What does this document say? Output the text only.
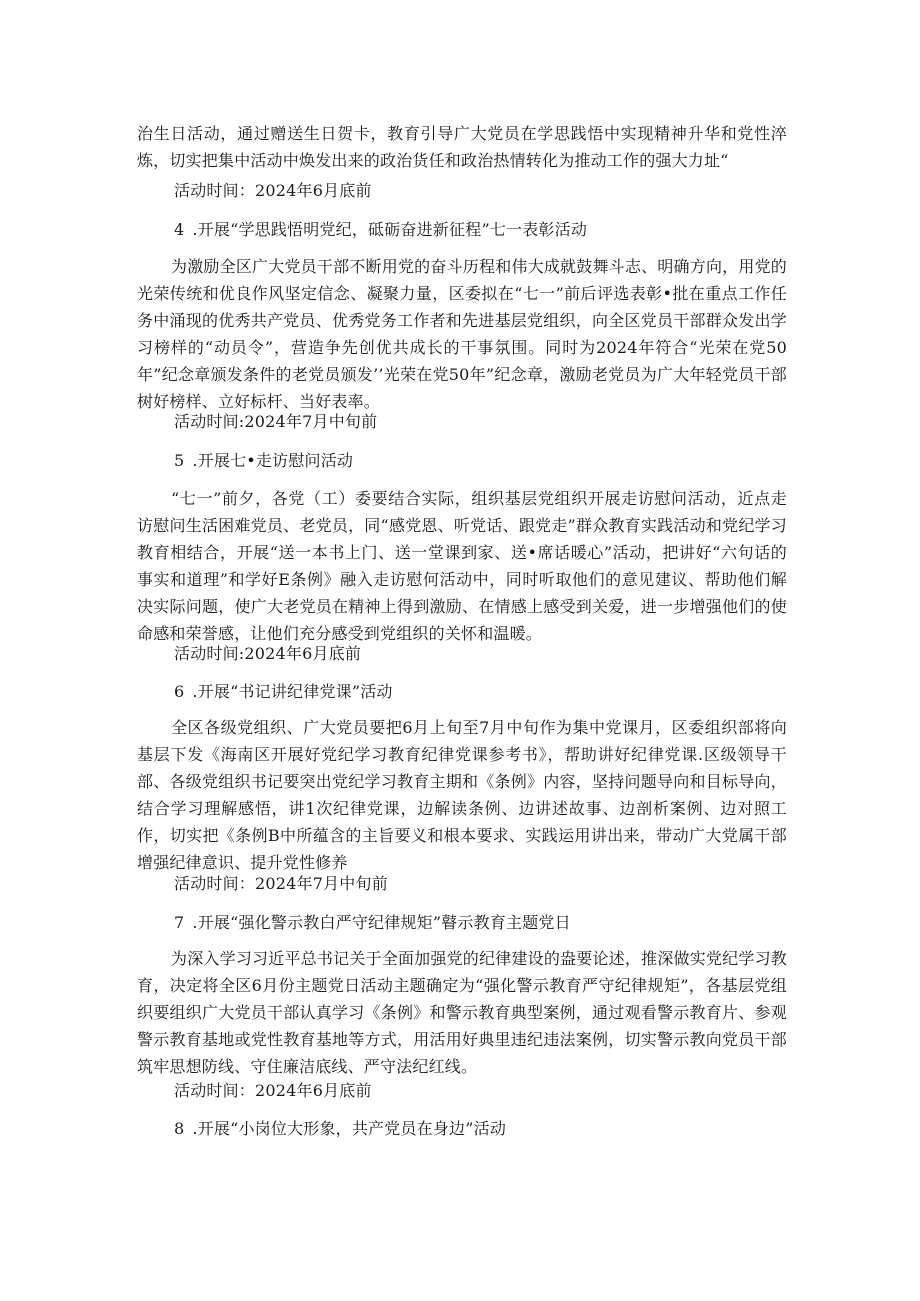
治生日活动，通过赠送生日贺卡，教育引导广大党员在学思践悟中实现精神升华和党性淬炼，切实把集中活动中焕发出来的政治货任和政治热情转化为推动工作的强大力址“

活动时间：2024年6月底前

4 .开展“学思践悟明党纪，砥砺奋进新征程”七一表彰活动

为激励全区广大党员干部不断用党的奋斗历程和伟大成就鼓舞斗志、明确方向，用党的光荣传统和优良作风坚定信念、凝聚力量，区委拟在“七一”前后评选表彰•批在重点工作任务中涌现的优秀共产党员、优秀党务工作者和先进基层党组织，向全区党员干部群众发出学习榜样的“动员令”，营造争先创优共成长的干事氛围。同时为2024年符合“光荣在党50年”纪念章颁发条件的老党员颁发’’光荣在党50年”纪念章，激励老党员为广大年轻党员干部树好榜样、立好标杆、当好表率。

活动时间:2024年7月中旬前

5 .开展七•走访慰问活动

“七一”前夕，各党（工）委要结合实际，组织基层党组织开展走访慰问活动，近点走访慰问生活困难党员、老党员，同“感党恩、听党话、跟党走”群众教育实践活动和党纪学习教育相结合，开展“送一本书上门、送一堂课到家、送•席话暖心”活动，把讲好“六句话的事实和道理”和学好E条例》融入走访慰何活动中，同时听取他们的意见建议、帮助他们解决实际问题，使广大老党员在精神上得到激励、在情感上感受到关爱，进一步增强他们的使命感和荣誉感，让他们充分感受到党组织的关怀和温暖。

活动时间:2024年6月底前

6 .开展“书记讲纪律党课”活动

全区各级党组织、广大党员要把6月上旬至7月中旬作为集中党课月，区委组织部将向基层下发《海南区开展好党纪学习教育纪律党课参考书》，帮助讲好纪律党课.区级领导干部、各级党组织书记要突出党纪学习教育主期和《条例》内容，坚持问题导向和目标导向，结合学习理解感悟，讲1次纪律党课，边解读条例、边讲述故事、边剖析案例、边对照工作，切实把《条例B中所蕴含的主旨要义和根本要求、实践运用讲出来，带动广大党属干部增强纪律意识、提升党性修养

活动时间：2024年7月中旬前

7 .开展“强化警示教白严守纪律规矩”瞽示教育主题党日

为深入学习习近平总书记关于全面加强党的纪律建设的盎要论述，推深做实党纪学习教育，决定将全区6月份主题党日活动主题确定为“强化警示教育严守纪律规矩”，各基层党组织要组织广大党员干部认真学习《条例》和警示教育典型案例，通过观看警示教育片、参观警示教育基地或党性教育基地等方式，用活用好典里违纪违法案例，切实警示教向党员干部筑牢思想防线、守住廉洁底线、严守法纪红线。

活动时间：2024年6月底前

8 .开展“小岗位大形象，共产党员在身边”活动
